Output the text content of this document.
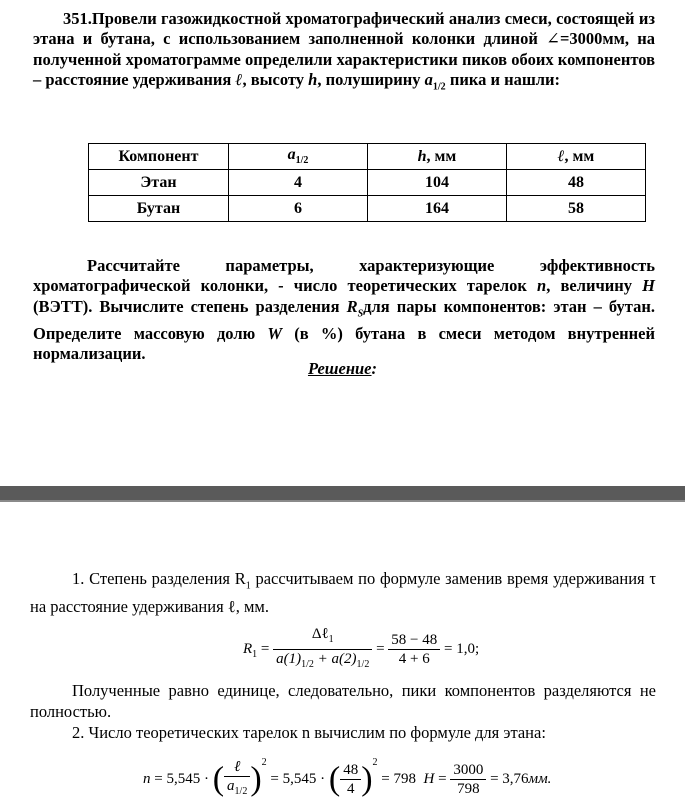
351.Провели газожидкостной хроматографический анализ смеси, состоящей из этана и бутана, с использованием заполненной колонки длиной ∠=3000мм, на полученной хроматограмме определили характеристики пиков обоих компонентов – расстояние удерживания ℓ, высоту h, полуширину $a_{1/2}$ пика и нашли:
Компонент	$a_{1/2}$	h, мм	ℓ, мм
Этан	4	104	48
Бутан	6	164	58
Рассчитайте параметры, характеризующие эффективность хроматографической колонки, - число теоретических тарелок n, величину H (ВЭТТ). Вычислите степень разделения $R_Sдля$ пары компонентов: этан – бутан. Определите массовую долю W (в %) бутана в смеси методом внутренней нормализации.
Решение:

1. Степень разделения $R_1$ рассчитываем по формуле заменив время удерживания τ на расстояние удерживания ℓ, мм.

$R_1 = \frac{\Delta\ell_1}{a(1)_{1/2} + a(2)_{1/2}} = \frac{58 - 48}{4 + 6} = 1,0$;

Полученные равно единице, следовательно, пики компонентов разделяются не полностью.

2. Число теоретических тарелок n вычислим по формуле для этана:

n = 5,545 · ( $\frac{\text{ℓ}}{a_{1/2}} )^2 = 5,545$ · ( $\frac{48}{4} )^2 = 798$ $H = \frac{3000}{798} = 3,76мм$.
